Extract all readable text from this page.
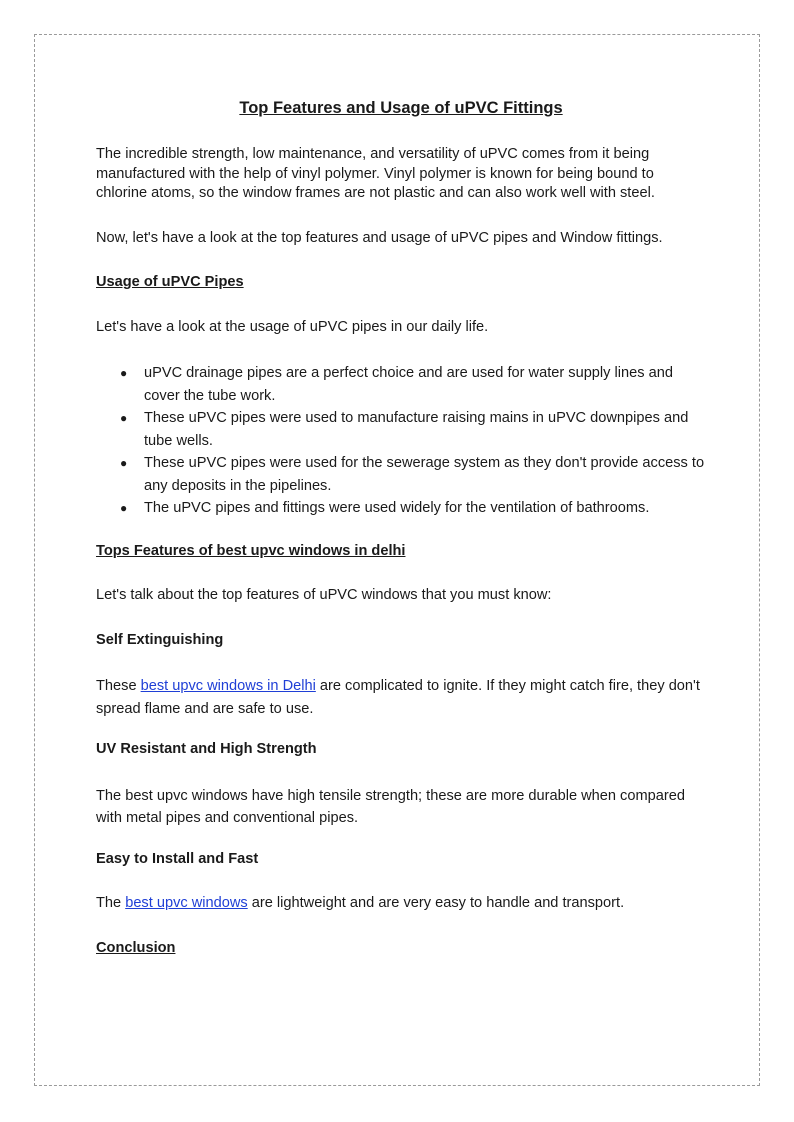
Top Features and Usage of uPVC Fittings

The incredible strength, low maintenance, and versatility of uPVC comes from it being manufactured with the help of vinyl polymer. Vinyl polymer is known for being bound to chlorine atoms, so the window frames are not plastic and can also work well with steel.

Now, let's have a look at the top features and usage of uPVC pipes and Window fittings.

Usage of uPVC Pipes

Let's have a look at the usage of uPVC pipes in our daily life.

● uPVC drainage pipes are a perfect choice and are used for water supply lines and cover the tube work.
● These uPVC pipes were used to manufacture raising mains in uPVC downpipes and tube wells.
● These uPVC pipes were used for the sewerage system as they don't provide access to any deposits in the pipelines.
● The uPVC pipes and fittings were used widely for the ventilation of bathrooms.

Tops Features of best upvc windows in delhi

Let's talk about the top features of uPVC windows that you must know:

Self Extinguishing

These best upvc windows in Delhi are complicated to ignite. If they might catch fire, they don't spread flame and are safe to use.

UV Resistant and High Strength

The best upvc windows have high tensile strength; these are more durable when compared with metal pipes and conventional pipes.

Easy to Install and Fast

The best upvc windows are lightweight and are very easy to handle and transport.

Conclusion
